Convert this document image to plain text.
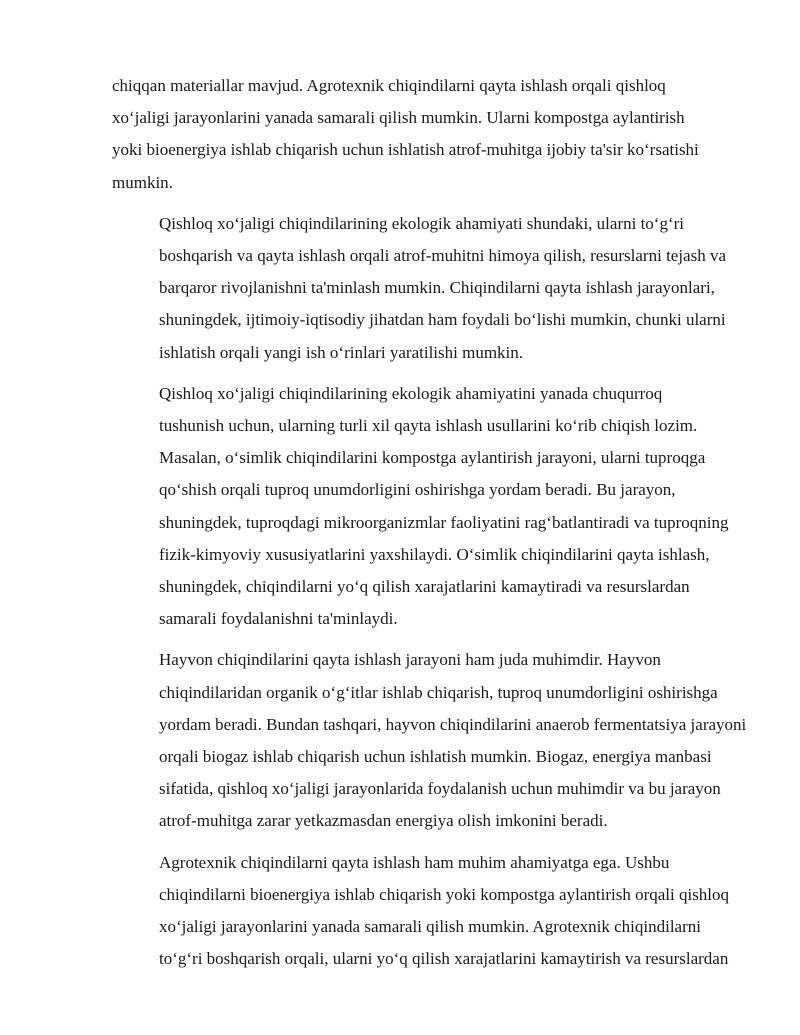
chiqqan materiallar mavjud. Agrotexnik chiqindilarni qayta ishlash orqali qishloq
xo‘jaligi jarayonlarini yanada samarali qilish mumkin. Ularni kompostga aylantirish
yoki bioenergiya ishlab chiqarish uchun ishlatish atrof-muhitga ijobiy ta'sir ko‘rsatishi
mumkin.
Qishloq xo‘jaligi chiqindilarining ekologik ahamiyati shundaki, ularni to‘g‘ri
boshqarish va qayta ishlash orqali atrof-muhitni himoya qilish, resurslarni tejash va
barqaror rivojlanishni ta'minlash mumkin. Chiqindilarni qayta ishlash jarayonlari,
shuningdek, ijtimoiy-iqtisodiy jihatdan ham foydali bo‘lishi mumkin, chunki ularni
ishlatish orqali yangi ish o‘rinlari yaratilishi mumkin.
Qishloq xo‘jaligi chiqindilarining ekologik ahamiyatini yanada chuqurroq
tushunish uchun, ularning turli xil qayta ishlash usullarini ko‘rib chiqish lozim.
Masalan, o‘simlik chiqindilarini kompostga aylantirish jarayoni, ularni tuproqga
qo‘shish orqali tuproq unumdorligini oshirishga yordam beradi. Bu jarayon,
shuningdek, tuproqdagi mikroorganizmlar faoliyatini rag‘batlantiradi va tuproqning
fizik-kimyoviy xususiyatlarini yaxshilaydi. O‘simlik chiqindilarini qayta ishlash,
shuningdek, chiqindilarni yo‘q qilish xarajatlarini kamaytiradi va resurslardan
samarali foydalanishni ta'minlaydi.
Hayvon chiqindilarini qayta ishlash jarayoni ham juda muhimdir. Hayvon
chiqindilaridan organik o‘g‘itlar ishlab chiqarish, tuproq unumdorligini oshirishga
yordam beradi. Bundan tashqari, hayvon chiqindilarini anaerob fermentatsiya jarayoni
orqali biogaz ishlab chiqarish uchun ishlatish mumkin. Biogaz, energiya manbasi
sifatida, qishloq xo‘jaligi jarayonlarida foydalanish uchun muhimdir va bu jarayon
atrof-muhitga zarar yetkazmasdan energiya olish imkonini beradi.
Agrotexnik chiqindilarni qayta ishlash ham muhim ahamiyatga ega. Ushbu
chiqindilarni bioenergiya ishlab chiqarish yoki kompostga aylantirish orqali qishloq
xo‘jaligi jarayonlarini yanada samarali qilish mumkin. Agrotexnik chiqindilarni
to‘g‘ri boshqarish orqali, ularni yo‘q qilish xarajatlarini kamaytirish va resurslardan
